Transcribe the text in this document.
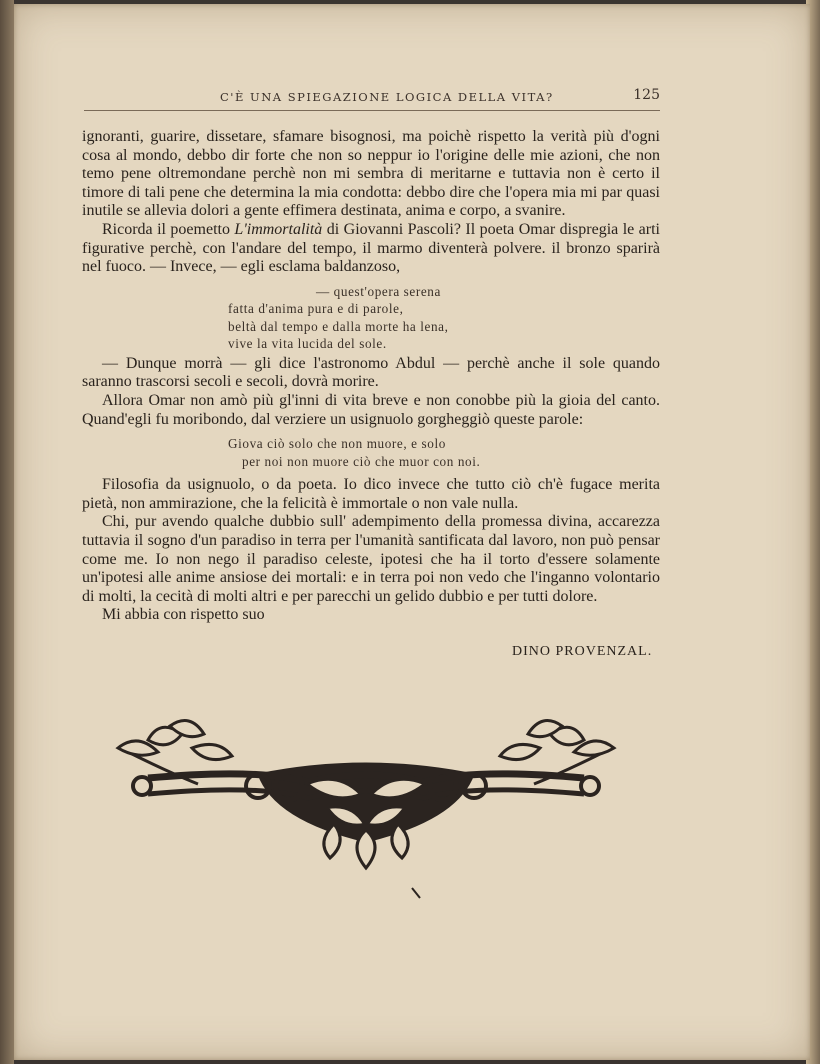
C'È UNA SPIEGAZIONE LOGICA DELLA VITA?	125

ignoranti, guarire, dissetare, sfamare bisognosi, ma poichè rispetto la verità più d'ogni cosa al mondo, debbo dir forte che non so neppur io l'origine delle mie azioni, che non temo pene oltremondane perchè non mi sembra di meritarne e tuttavia non è certo il timore di tali pene che determina la mia condotta: debbo dire che l'opera mia mi par quasi inutile se allevia dolori a gente effimera destinata, anima e corpo, a svanire.

Ricorda il poemetto L'immortalità di Giovanni Pascoli? Il poeta Omar dispregia le arti figurative perchè, con l'andare del tempo, il marmo diventerà polvere. il bronzo sparirà nel fuoco. — Invece, — egli esclama baldanzoso,

— quest'opera serena
fatta d'anima pura e di parole,
beltà dal tempo e dalla morte ha lena,
vive la vita lucida del sole.

— Dunque morrà — gli dice l'astronomo Abdul — perchè anche il sole quando saranno trascorsi secoli e secoli, dovrà morire.

Allora Omar non amò più gl'inni di vita breve e non conobbe più la gioia del canto. Quand'egli fu moribondo, dal verziere un usignuolo gorgheggiò queste parole:

Giova ciò solo che non muore, e solo
per noi non muore ciò che muor con noi.

Filosofia da usignuolo, o da poeta. Io dico invece che tutto ciò ch'è fugace merita pietà, non ammirazione, che la felicità è immortale o non vale nulla.

Chi, pur avendo qualche dubbio sull' adempimento della promessa divina, accarezza tuttavia il sogno d'un paradiso in terra per l'umanità santificata dal lavoro, non può pensar come me. Io non nego il paradiso celeste, ipotesi che ha il torto d'essere solamente un'ipotesi alle anime ansiose dei mortali: e in terra poi non vedo che l'inganno volontario di molti, la cecità di molti altri e per parecchi un gelido dubbio e per tutti dolore.

Mi abbia con rispetto suo

DINO PROVENZAL.
